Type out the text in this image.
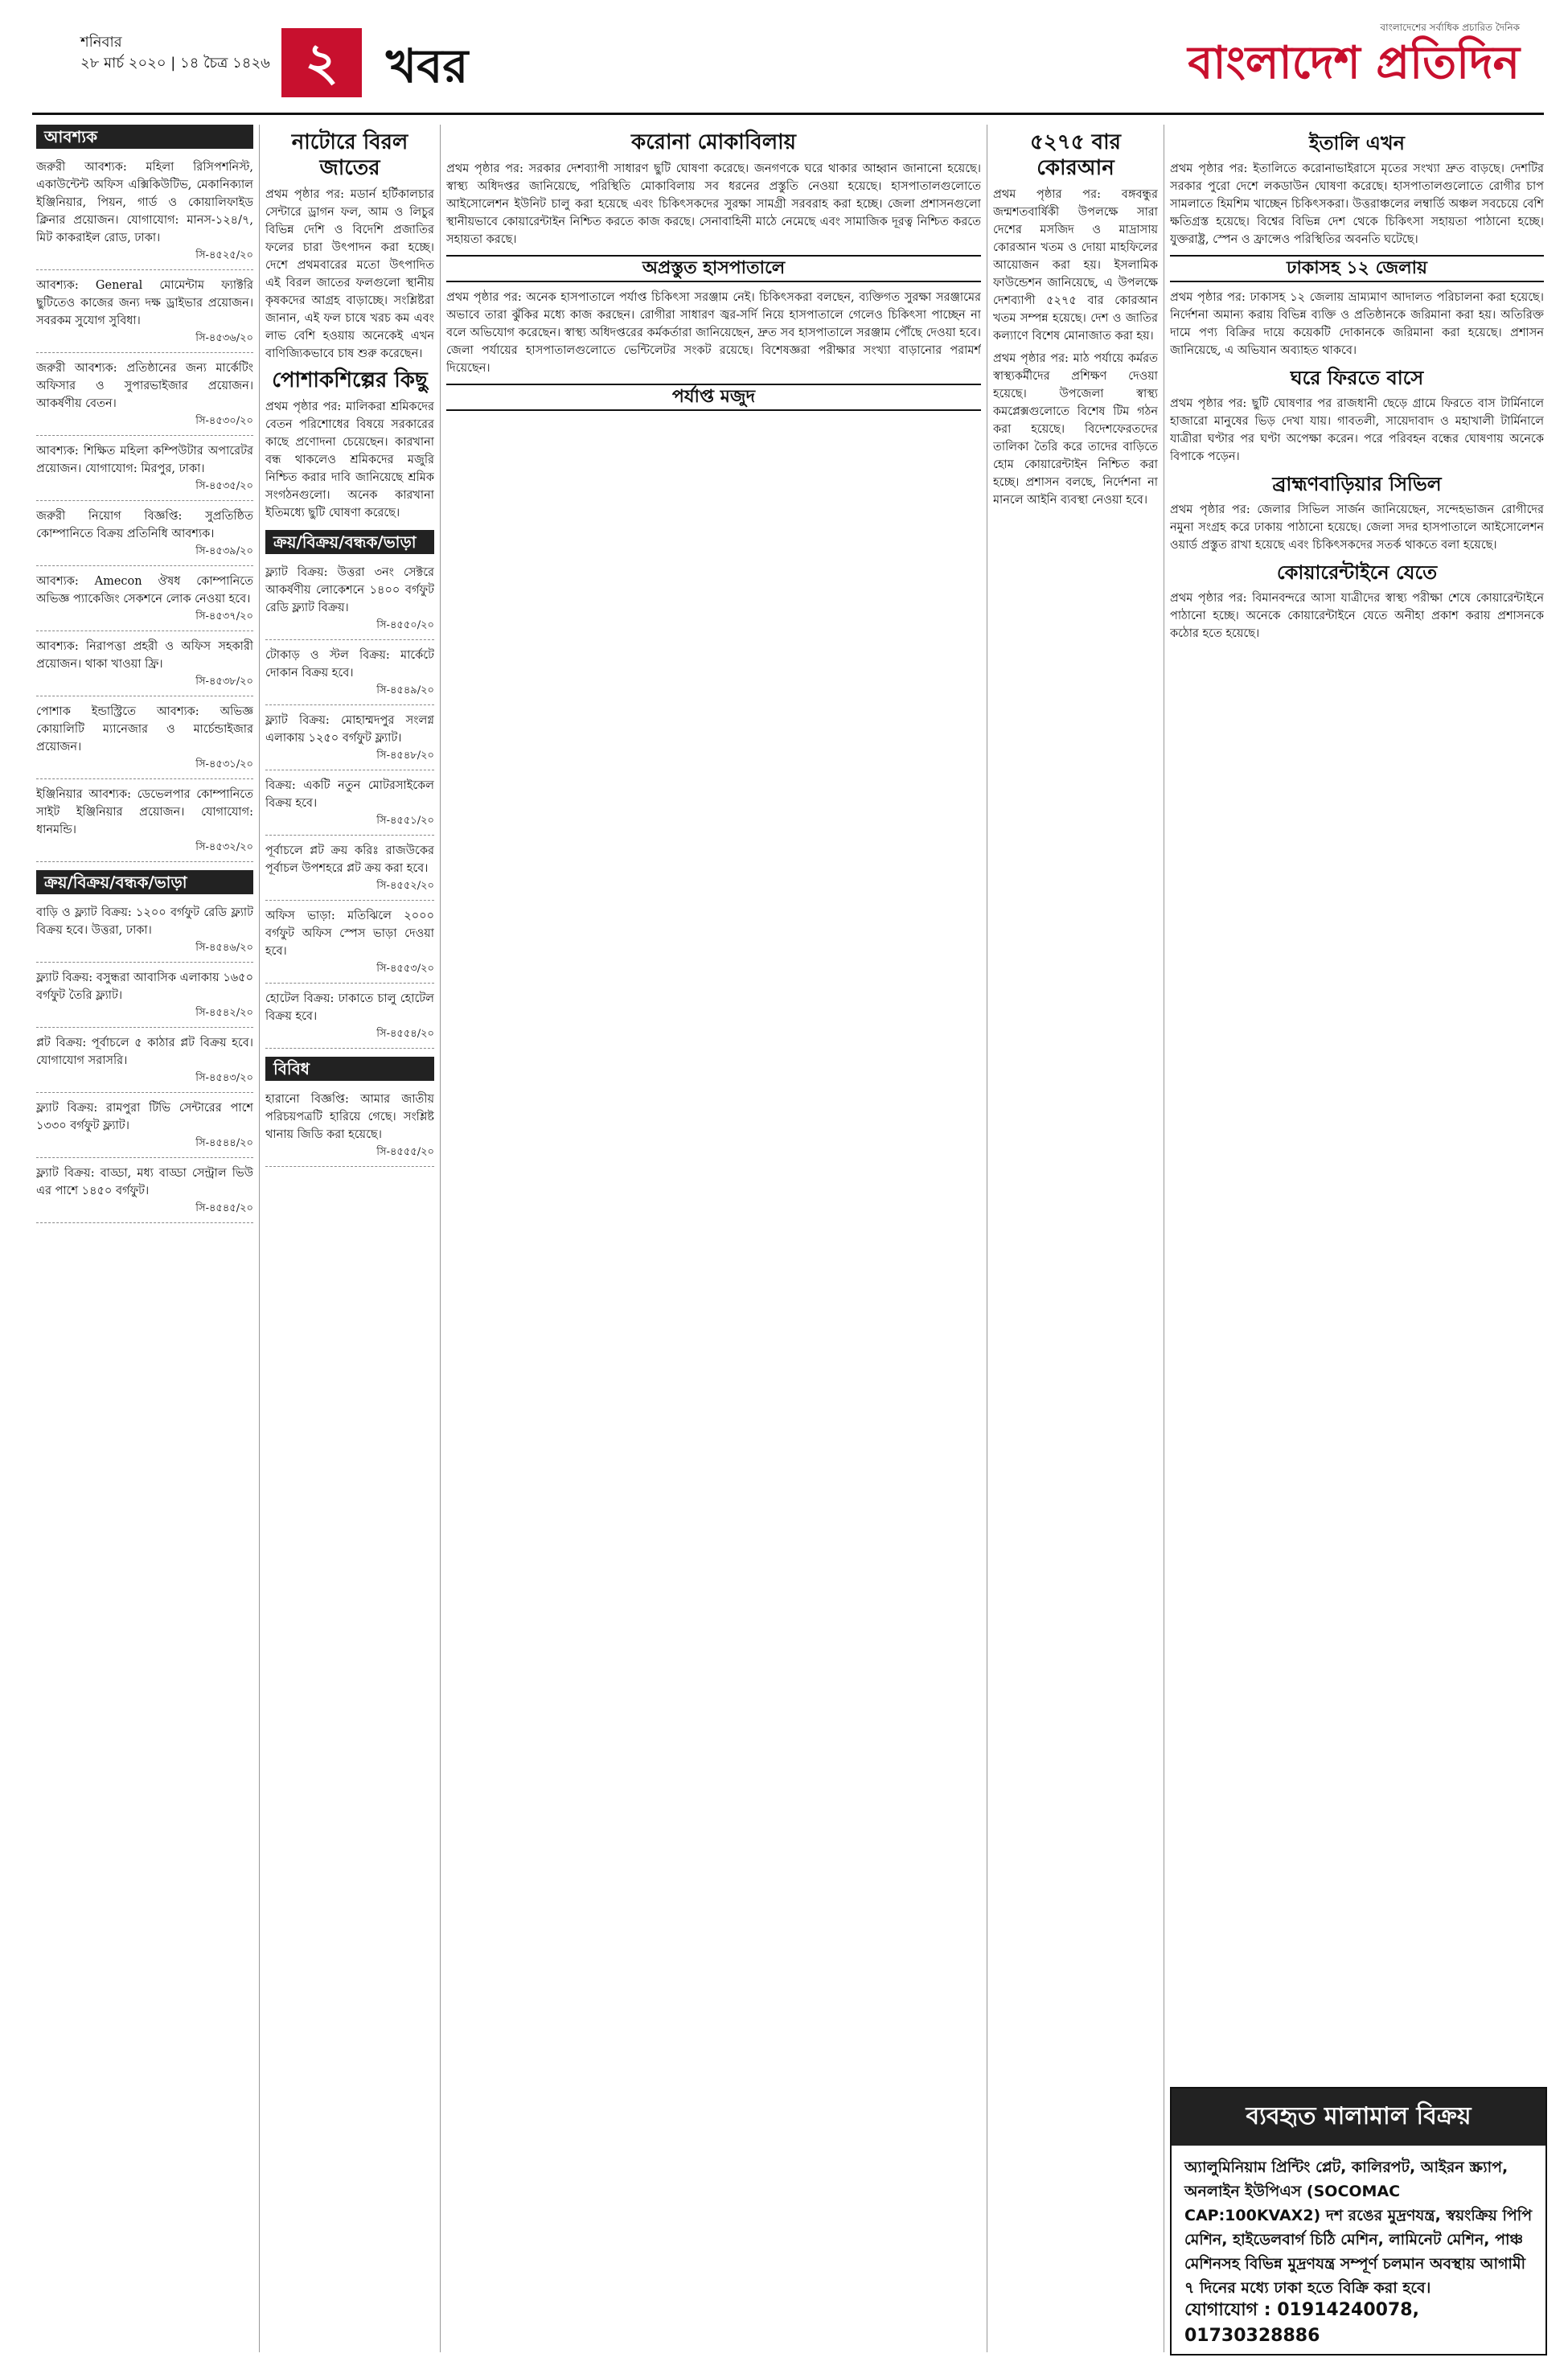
শনিবার
২৮ মার্চ ২০২০ | ১৪ চৈত্র ১৪২৬ ২	খবর
বাংলাদেশের সর্বাধিক প্রচারিত দৈনিক
বাংলাদেশ প্রতিদিন
আবশ্যক
জরুরী আবশ্যক: মহিলা রিসিপশনিস্ট, একাউন্টেন্ট অফিস এক্সিকিউটিভ, মেকানিক্যাল ইঞ্জিনিয়ার, পিয়ন, গার্ড ও কোয়ালিফাইড ক্লিনার প্রয়োজন। যোগাযোগ: মানস-১২৪/৭, মিট কাকরাইল রোড, ঢাকা।
সি-৪৫২৫/২০
আবশ্যক: General মোমেন্টাম ফ্যাক্টরি ছুটিতেও কাজের জন্য দক্ষ ড্রাইভার প্রয়োজন। সবরকম সুযোগ সুবিধা।
সি-৪৫৩৬/২০
জরুরী আবশ্যক: প্রতিষ্ঠানের জন্য মার্কেটিং অফিসার ও সুপারভাইজার প্রয়োজন। আকর্ষণীয় বেতন।
সি-৪৫৩০/২০
আবশ্যক: শিক্ষিত মহিলা কম্পিউটার অপারেটর প্রয়োজন। যোগাযোগ: মিরপুর, ঢাকা।
সি-৪৫৩৫/২০
জরুরী নিয়োগ বিজ্ঞপ্তি: সুপ্রতিষ্ঠিত কোম্পানিতে বিক্রয় প্রতিনিধি আবশ্যক।
সি-৪৫৩৯/২০
আবশ্যক: Amecon ঔষধ কোম্পানিতে অভিজ্ঞ প্যাকেজিং সেকশনে লোক নেওয়া হবে।
সি-৪৫৩৭/২০
আবশ্যক: নিরাপত্তা প্রহরী ও অফিস সহকারী প্রয়োজন। থাকা খাওয়া ফ্রি।
সি-৪৫৩৮/২০
পোশাক ইন্ডাস্ট্রিতে আবশ্যক: অভিজ্ঞ কোয়ালিটি ম্যানেজার ও মার্চেন্ডাইজার প্রয়োজন।
সি-৪৫৩১/২০
ইঞ্জিনিয়ার আবশ্যক: ডেভেলপার কোম্পানিতে সাইট ইঞ্জিনিয়ার প্রয়োজন। যোগাযোগ: ধানমন্ডি।
সি-৪৫৩২/২০
ক্রয়/বিক্রয়/বন্ধক/ভাড়া
বাড়ি ও ফ্ল্যাট বিক্রয়: ১২০০ বর্গফুট রেডি ফ্ল্যাট বিক্রয় হবে। উত্তরা, ঢাকা।
সি-৪৫৪৬/২০
ফ্ল্যাট বিক্রয়: বসুন্ধরা আবাসিক এলাকায় ১৬৫০ বর্গফুট তৈরি ফ্ল্যাট।
সি-৪৫৪২/২০
প্লট বিক্রয়: পূর্বাচলে ৫ কাঠার প্লট বিক্রয় হবে। যোগাযোগ সরাসরি।
সি-৪৫৪৩/২০
ফ্ল্যাট বিক্রয়: রামপুরা টিভি সেন্টারের পাশে ১৩৩০ বর্গফুট ফ্ল্যাট।
সি-৪৫৪৪/২০
ফ্ল্যাট বিক্রয়: বাড্ডা, মধ্য বাড্ডা সেন্ট্রাল ভিউ এর পাশে ১৪৫০ বর্গফুট।
সি-৪৫৪৫/২০
নাটোরে বিরল জাতের

প্রথম পৃষ্ঠার পর: মডার্ন হর্টিকালচার সেন্টারে ড্রাগন ফল, আম ও লিচুর বিভিন্ন দেশি ও বিদেশি প্রজাতির ফলের চারা উৎপাদন করা হচ্ছে। দেশে প্রথমবারের মতো উৎপাদিত এই বিরল জাতের ফলগুলো স্থানীয় কৃষকদের আগ্রহ বাড়াচ্ছে। সংশ্লিষ্টরা জানান, এই ফল চাষে খরচ কম এবং লাভ বেশি হওয়ায় অনেকেই এখন বাণিজ্যিকভাবে চাষ শুরু করেছেন।

পোশাকশিল্পের কিছু

প্রথম পৃষ্ঠার পর: মালিকরা শ্রমিকদের বেতন পরিশোধের বিষয়ে সরকারের কাছে প্রণোদনা চেয়েছেন। কারখানা বন্ধ থাকলেও শ্রমিকদের মজুরি নিশ্চিত করার দাবি জানিয়েছে শ্রমিক সংগঠনগুলো। অনেক কারখানা ইতিমধ্যে ছুটি ঘোষণা করেছে।

ক্রয়/বিক্রয়/বন্ধক/ভাড়া
ফ্ল্যাট বিক্রয়: উত্তরা ৩নং সেক্টরে আকর্ষণীয় লোকেশনে ১৪০০ বর্গফুট রেডি ফ্ল্যাট বিক্রয়।
সি-৪৫৫০/২০
টোকাড় ও স্টল বিক্রয়: মার্কেটে দোকান বিক্রয় হবে।
সি-৪৫৪৯/২০
ফ্ল্যাট বিক্রয়: মোহাম্মদপুর সংলগ্ন এলাকায় ১২৫০ বর্গফুট ফ্ল্যাট।
সি-৪৫৪৮/২০
বিক্রয়: একটি নতুন মোটরসাইকেল বিক্রয় হবে।
সি-৪৫৫১/২০
পূর্বাচলে প্লট ক্রয় করিঃ রাজউকের পূর্বাচল উপশহরে প্লট ক্রয় করা হবে।
সি-৪৫৫২/২০
অফিস ভাড়া: মতিঝিলে ২০০০ বর্গফুট অফিস স্পেস ভাড়া দেওয়া হবে।
সি-৪৫৫৩/২০
হোটেল বিক্রয়: ঢাকাতে চালু হোটেল বিক্রয় হবে।
সি-৪৫৫৪/২০
বিবিধ
হারানো বিজ্ঞপ্তি: আমার জাতীয় পরিচয়পত্রটি হারিয়ে গেছে। সংশ্লিষ্ট থানায় জিডি করা হয়েছে।
সি-৪৫৫৫/২০
করোনা মোকাবিলায়

প্রথম পৃষ্ঠার পর: সরকার দেশব্যাপী সাধারণ ছুটি ঘোষণা করেছে। জনগণকে ঘরে থাকার আহ্বান জানানো হয়েছে। স্বাস্থ্য অধিদপ্তর জানিয়েছে, পরিস্থিতি মোকাবিলায় সব ধরনের প্রস্তুতি নেওয়া হয়েছে। হাসপাতালগুলোতে আইসোলেশন ইউনিট চালু করা হয়েছে এবং চিকিৎসকদের সুরক্ষা সামগ্রী সরবরাহ করা হচ্ছে। জেলা প্রশাসনগুলো স্থানীয়ভাবে কোয়ারেন্টাইন নিশ্চিত করতে কাজ করছে। সেনাবাহিনী মাঠে নেমেছে এবং সামাজিক দূরত্ব নিশ্চিত করতে সহায়তা করছে।

অপ্রস্তুত হাসপাতালে

প্রথম পৃষ্ঠার পর: অনেক হাসপাতালে পর্যাপ্ত চিকিৎসা সরঞ্জাম নেই। চিকিৎসকরা বলছেন, ব্যক্তিগত সুরক্ষা সরঞ্জামের অভাবে তারা ঝুঁকির মধ্যে কাজ করছেন। রোগীরা সাধারণ জ্বর-সর্দি নিয়ে হাসপাতালে গেলেও চিকিৎসা পাচ্ছেন না বলে অভিযোগ করেছেন। স্বাস্থ্য অধিদপ্তরের কর্মকর্তারা জানিয়েছেন, দ্রুত সব হাসপাতালে সরঞ্জাম পৌঁছে দেওয়া হবে। জেলা পর্যায়ের হাসপাতালগুলোতে ভেন্টিলেটর সংকট রয়েছে। বিশেষজ্ঞরা পরীক্ষার সংখ্যা বাড়ানোর পরামর্শ দিয়েছেন।

পর্যাপ্ত মজুদ
৫২৭৫ বার কোরআন

প্রথম পৃষ্ঠার পর: বঙ্গবন্ধুর জন্মশতবার্ষিকী উপলক্ষে সারা দেশের মসজিদ ও মাদ্রাসায় কোরআন খতম ও দোয়া মাহফিলের আয়োজন করা হয়। ইসলামিক ফাউন্ডেশন জানিয়েছে, এ উপলক্ষে দেশব্যাপী ৫২৭৫ বার কোরআন খতম সম্পন্ন হয়েছে। দেশ ও জাতির কল্যাণে বিশেষ মোনাজাত করা হয়।

প্রথম পৃষ্ঠার পর: মাঠ পর্যায়ে কর্মরত স্বাস্থ্যকর্মীদের প্রশিক্ষণ দেওয়া হয়েছে। উপজেলা স্বাস্থ্য কমপ্লেক্সগুলোতে বিশেষ টিম গঠন করা হয়েছে। বিদেশফেরতদের তালিকা তৈরি করে তাদের বাড়িতে হোম কোয়ারেন্টাইন নিশ্চিত করা হচ্ছে। প্রশাসন বলছে, নির্দেশনা না মানলে আইনি ব্যবস্থা নেওয়া হবে।

ইতালি এখন

প্রথম পৃষ্ঠার পর: ইতালিতে করোনাভাইরাসে মৃতের সংখ্যা দ্রুত বাড়ছে। দেশটির সরকার পুরো দেশে লকডাউন ঘোষণা করেছে। হাসপাতালগুলোতে রোগীর চাপ সামলাতে হিমশিম খাচ্ছেন চিকিৎসকরা। উত্তরাঞ্চলের লম্বার্ডি অঞ্চল সবচেয়ে বেশি ক্ষতিগ্রস্ত হয়েছে। বিশ্বের বিভিন্ন দেশ থেকে চিকিৎসা সহায়তা পাঠানো হচ্ছে। যুক্তরাষ্ট্র, স্পেন ও ফ্রান্সেও পরিস্থিতির অবনতি ঘটেছে।

ঢাকাসহ ১২ জেলায়

প্রথম পৃষ্ঠার পর: ঢাকাসহ ১২ জেলায় ভ্রাম্যমাণ আদালত পরিচালনা করা হয়েছে। নির্দেশনা অমান্য করায় বিভিন্ন ব্যক্তি ও প্রতিষ্ঠানকে জরিমানা করা হয়। অতিরিক্ত দামে পণ্য বিক্রির দায়ে কয়েকটি দোকানকে জরিমানা করা হয়েছে। প্রশাসন জানিয়েছে, এ অভিযান অব্যাহত থাকবে।

ঘরে ফিরতে বাসে

প্রথম পৃষ্ঠার পর: ছুটি ঘোষণার পর রাজধানী ছেড়ে গ্রামে ফিরতে বাস টার্মিনালে হাজারো মানুষের ভিড় দেখা যায়। গাবতলী, সায়েদাবাদ ও মহাখালী টার্মিনালে যাত্রীরা ঘণ্টার পর ঘণ্টা অপেক্ষা করেন। পরে পরিবহন বন্ধের ঘোষণায় অনেকে বিপাকে পড়েন।

ব্রাহ্মণবাড়িয়ার সিভিল

প্রথম পৃষ্ঠার পর: জেলার সিভিল সার্জন জানিয়েছেন, সন্দেহভাজন রোগীদের নমুনা সংগ্রহ করে ঢাকায় পাঠানো হয়েছে। জেলা সদর হাসপাতালে আইসোলেশন ওয়ার্ড প্রস্তুত রাখা হয়েছে এবং চিকিৎসকদের সতর্ক থাকতে বলা হয়েছে।

কোয়ারেন্টাইনে যেতে

প্রথম পৃষ্ঠার পর: বিমানবন্দরে আসা যাত্রীদের স্বাস্থ্য পরীক্ষা শেষে কোয়ারেন্টাইনে পাঠানো হচ্ছে। অনেকে কোয়ারেন্টাইনে যেতে অনীহা প্রকাশ করায় প্রশাসনকে কঠোর হতে হয়েছে।

ব্যবহৃত মালামাল বিক্রয়
অ্যালুমিনিয়াম প্রিন্টিং প্লেট, কালিরপট, আইরন স্ক্র্যাপ, অনলাইন ইউপিএস (SOCOMAC CAP:100KVAX2) দশ রঙের মুদ্রণযন্ত্র, স্বয়ংক্রিয় পিপি মেশিন, হাইডেলবার্গ চিঠি মেশিন, লামিনেট মেশিন, পাঞ্চ মেশিনসহ বিভিন্ন মুদ্রণযন্ত্র সম্পূর্ণ চলমান অবস্থায় আগামী ৭ দিনের মধ্যে ঢাকা হতে বিক্রি করা হবে।
যোগাযোগ : 01914240078, 01730328886
